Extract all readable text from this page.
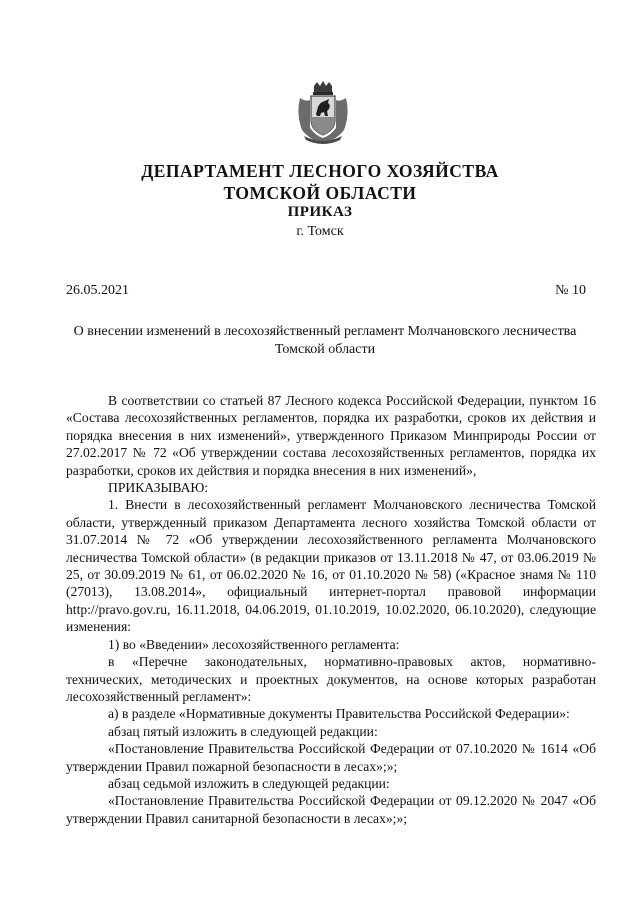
ДЕПАРТАМЕНТ ЛЕСНОГО ХОЗЯЙСТВА
ТОМСКОЙ ОБЛАСТИ
ПРИКАЗ
г. Томск
26.05.2021	№ 10
О внесении изменений в лесохозяйственный регламент Молчановского лесничества Томской области

В соответствии со статьей 87 Лесного кодекса Российской Федерации, пунктом 16 «Состава лесохозяйственных регламентов, порядка их разработки, сроков их действия и порядка внесения в них изменений», утвержденного Приказом Минприроды России от 27.02.2017 № 72 «Об утверждении состава лесохозяйственных регламентов, порядка их разработки, сроков их действия и порядка внесения в них изменений»,

ПРИКАЗЫВАЮ:

1. Внести в лесохозяйственный регламент Молчановского лесничества Томской области, утвержденный приказом Департамента лесного хозяйства Томской области от 31.07.2014 № 72 «Об утверждении лесохозяйственного регламента Молчановского лесничества Томской области» (в редакции приказов от 13.11.2018 № 47, от 03.06.2019 № 25, от 30.09.2019 № 61, от 06.02.2020 № 16, от 01.10.2020 № 58) («Красное знамя № 110 (27013), 13.08.2014», официальный интернет-портал правовой информации http://pravo.gov.ru, 16.11.2018, 04.06.2019, 01.10.2019, 10.02.2020, 06.10.2020), следующие изменения:

1) во «Введении» лесохозяйственного регламента:

в «Перечне законодательных, нормативно-правовых актов, нормативно-технических, методических и проектных документов, на основе которых разработан лесохозяйственный регламент»:

а) в разделе «Нормативные документы Правительства Российской Федерации»:

абзац пятый изложить в следующей редакции:

«Постановление Правительства Российской Федерации от 07.10.2020 № 1614 «Об утверждении Правил пожарной безопасности в лесах»;»;

абзац седьмой изложить в следующей редакции:

«Постановление Правительства Российской Федерации от 09.12.2020 № 2047 «Об утверждении Правил санитарной безопасности в лесах»;»;
